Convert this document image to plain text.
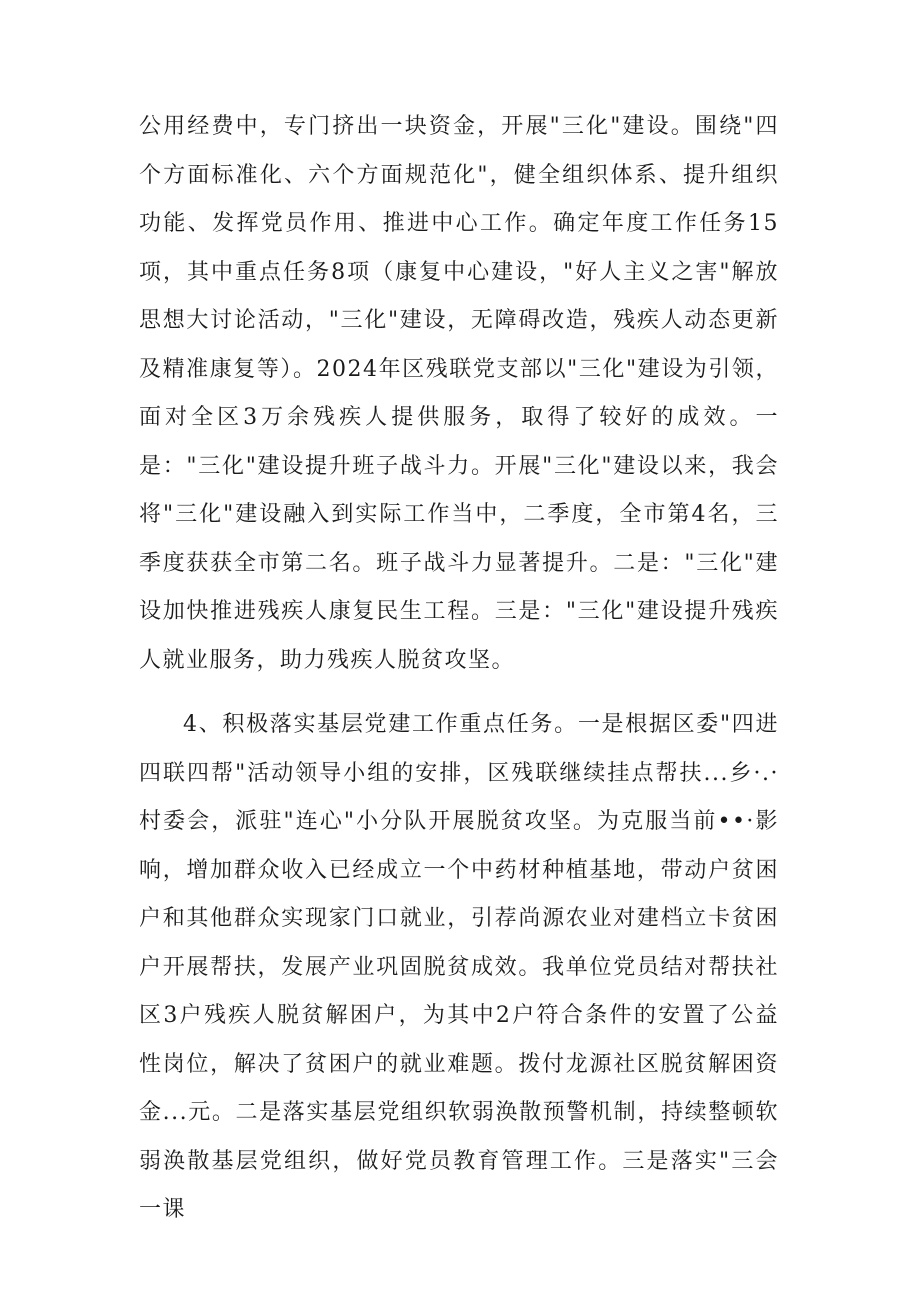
公用经费中，专门挤出一块资金，开展"三化"建设。围绕"四个方面标准化、六个方面规范化"，健全组织体系、提升组织功能、发挥党员作用、推进中心工作。确定年度工作任务15项，其中重点任务8项（康复中心建设，"好人主义之害"解放思想大讨论活动，"三化"建设，无障碍改造，残疾人动态更新及精准康复等）。2024年区残联党支部以"三化"建设为引领，面对全区3万余残疾人提供服务，取得了较好的成效。一是："三化"建设提升班子战斗力。开展"三化"建设以来，我会将"三化"建设融入到实际工作当中，二季度，全市第4名，三季度获获全市第二名。班子战斗力显著提升。二是："三化"建设加快推进残疾人康复民生工程。三是："三化"建设提升残疾人就业服务，助力残疾人脱贫攻坚。

4、积极落实基层党建工作重点任务。一是根据区委"四进四联四帮"活动领导小组的安排，区残联继续挂点帮扶...乡·.·村委会，派驻"连心"小分队开展脱贫攻坚。为克服当前••·影响，增加群众收入已经成立一个中药材种植基地，带动户贫困户和其他群众实现家门口就业，引荐尚源农业对建档立卡贫困户开展帮扶，发展产业巩固脱贫成效。我单位党员结对帮扶社区3户残疾人脱贫解困户，为其中2户符合条件的安置了公益性岗位，解决了贫困户的就业难题。拨付龙源社区脱贫解困资金...元。二是落实基层党组织软弱涣散预警机制，持续整顿软弱涣散基层党组织，做好党员教育管理工作。三是落实"三会一课
